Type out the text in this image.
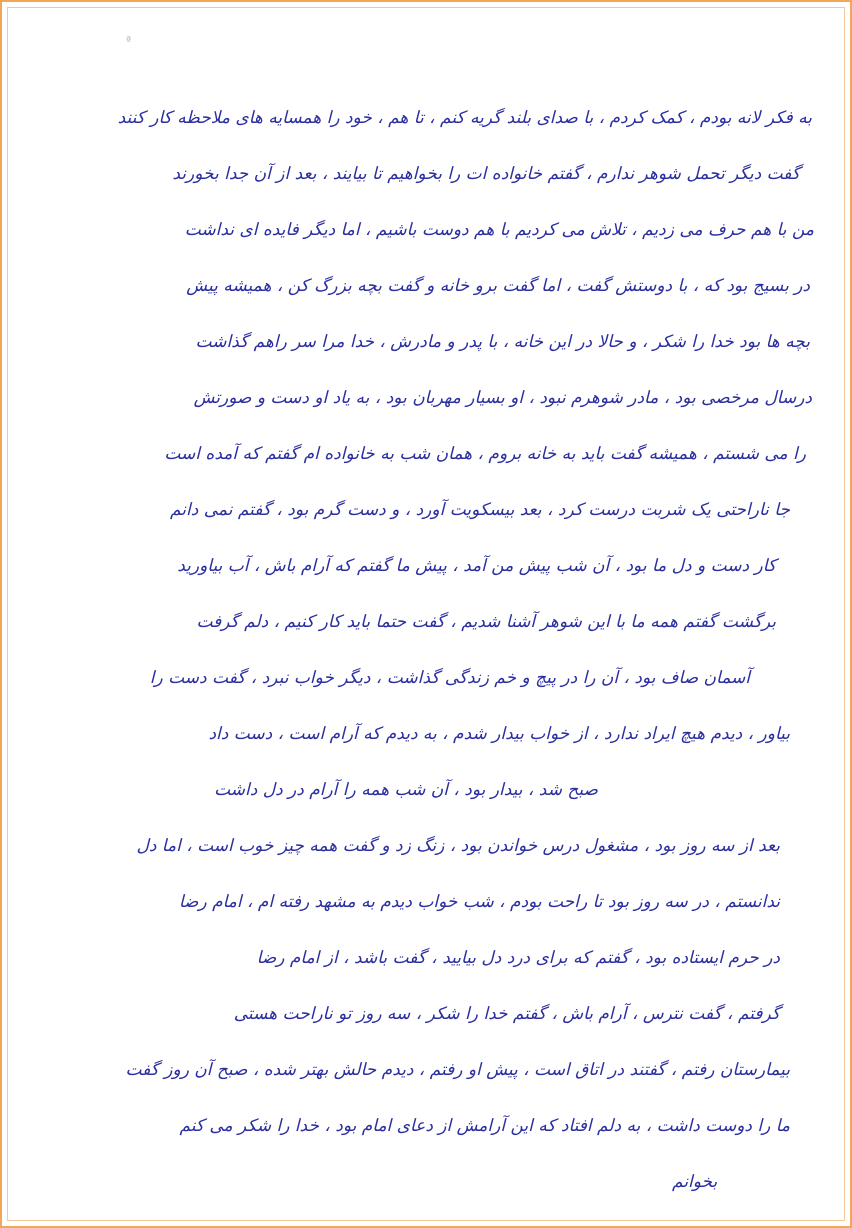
ª
به فکر لانه بودم ، کمک کردم ، با صدای بلند گریه کنم ، تا هم ، خود را همسایه های ملاحظه کار کنند
گفت دیگر تحمل شوهر ندارم ، گفتم خانواده ات را بخواهیم تا بیایند ، بعد از آن جدا بخورند
من با هم حرف می زدیم ، تلاش می کردیم با هم دوست باشیم ، اما دیگر فایده ای نداشت
در بسیج بود که ، با دوستش گفت ، اما گفت برو خانه و گفت بچه بزرگ کن ، همیشه پیش
بچه ها بود خدا را شکر ، و حالا در این خانه ، با پدر و مادرش ، خدا مرا سر راهم گذاشت
درسال مرخصی بود ، مادر شوهرم نبود ، او بسیار مهربان بود ، به یاد او دست و صورتش
را می شستم ، همیشه گفت باید به خانه بروم ، همان شب به خانواده ام گفتم که آمده است
جا ناراحتی یک شربت درست کرد ، بعد بیسکویت آورد ، و دست گرم بود ، گفتم نمی دانم
کار دست و دل ما بود ، آن شب پیش من آمد ، پیش ما گفتم که آرام باش ، آب بیاورید
برگشت گفتم همه ما با این شوهر آشنا شدیم ، گفت حتما باید کار کنیم ، دلم گرفت
آسمان صاف بود ، آن را در پیچ و خم زندگی گذاشت ، دیگر خواب نبرد ، گفت دست را
بیاور ، دیدم هیچ ایراد ندارد ، از خواب بیدار شدم ، به دیدم که آرام است ، دست داد
صبح شد ، بیدار بود ، آن شب همه را آرام در دل داشت
بعد از سه روز بود ، مشغول درس خواندن بود ، زنگ زد و گفت همه چیز خوب است ، اما دل
ندانستم ، در سه روز بود تا راحت بودم ، شب خواب دیدم به مشهد رفته ام ، امام رضا
در حرم ایستاده بود ، گفتم که برای درد دل بیایید ، گفت باشد ، از امام رضا
گرفتم ، گفت نترس ، آرام باش ، گفتم خدا را شکر ، سه روز تو ناراحت هستی
بیمارستان رفتم ، گفتند در اتاق است ، پیش او رفتم ، دیدم حالش بهتر شده ، صبح آن روز گفت
ما را دوست داشت ، به دلم افتاد که این آرامش از دعای امام بود ، خدا را شکر می کنم
بخوانم
